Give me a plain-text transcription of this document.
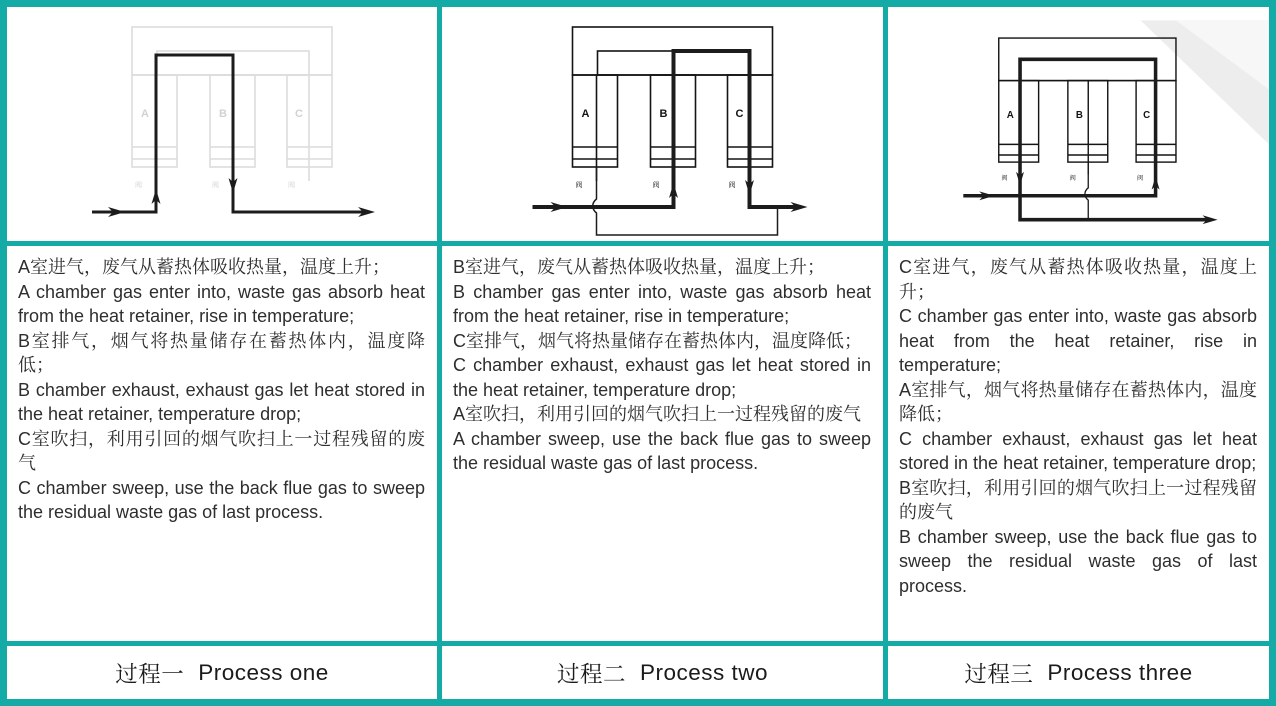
A	B	C
阀	阀	阀
A	B	C
阀	阀	阀
A	B	C
阀	阀	阀

A室进气，废气从蓄热体吸收热量，温度上升；

A chamber gas enter into, waste gas absorb heat from the heat retainer, rise in temperature;

B室排气，烟气将热量储存在蓄热体内，温度降低；

B chamber exhaust, exhaust gas let heat stored in the heat retainer, temperature drop;

C室吹扫，利用引回的烟气吹扫上一过程残留的废气

C chamber sweep, use the back flue gas to sweep the residual waste gas of last process.

B室进气，废气从蓄热体吸收热量，温度上升；

B chamber gas enter into, waste gas absorb heat from the heat retainer, rise in temperature;

C室排气，烟气将热量储存在蓄热体内，温度降低；

C chamber exhaust, exhaust gas let heat stored in the heat retainer, temperature drop;

A室吹扫，利用引回的烟气吹扫上一过程残留的废气

A chamber sweep, use the back flue gas to sweep the residual waste gas of last process.

C室进气，废气从蓄热体吸收热量，温度上升；

C chamber gas enter into, waste gas absorb heat from the heat retainer, rise in temperature;

A室排气，烟气将热量储存在蓄热体内，温度降低；

C chamber exhaust, exhaust gas let heat stored in the heat retainer, temperature drop;

B室吹扫，利用引回的烟气吹扫上一过程残留的废气

B chamber sweep, use the back flue gas to sweep the residual waste gas of last process.

过程一 Process one	过程二 Process two	过程三 Process three
